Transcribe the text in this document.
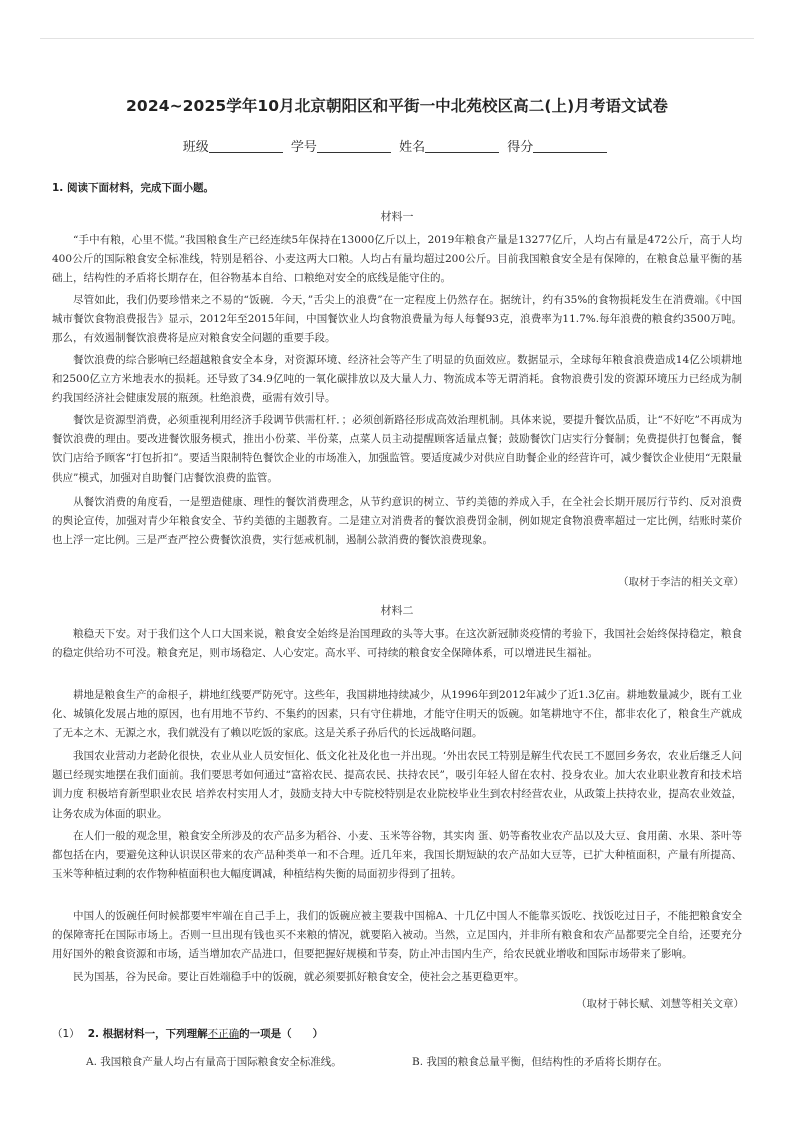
2024~2025学年10月北京朝阳区和平街一中北苑校区高二(上)月考语文试卷
班级	学号	姓名	得分
1. 阅读下面材料，完成下面小题。
材料一

“手中有粮，心里不慌。”我国粮食生产已经连续5年保持在13000亿斤以上，2019年粮食产量是13277亿斤，人均占有量是472公斤，高于人均400公斤的国际粮食安全标准线，特别是稻谷、小麦这两大口粮。人均占有量均超过200公斤。目前我国粮食安全是有保障的，在粮食总量平衡的基础上，结构性的矛盾将长期存在，但谷物基本自给、口粮绝对安全的底线是能守住的。

尽管如此，我们仍要珍惜来之不易的“饭碗．今天，”舌尖上的浪费”在一定程度上仍然存在。据统计，约有35%的食物损耗发生在消费端。《中国城市餐饮食物浪费报告》显示，2012年至2015年间，中国餐饮业人均食物浪费量为每人每餐93克，浪费率为11.7%.每年浪费的粮食约3500万吨。那么，有效遏制餐饮浪费将是应对粮食安全问题的重要手段。

餐饮浪费的综合影响已经超越粮食安全本身，对资源环境、经济社会等产生了明显的负面效应。数据显示，全球每年粮食浪费造成14亿公顷耕地和2500亿立方米地表水的损耗。还导致了34.9亿吨的一氧化碳排放以及大量人力、物流成本等无谓消耗。食物浪费引发的资源环境压力已经成为制约我国经济社会健康发展的瓶颈。杜绝浪费，亟需有效引导。

餐饮是资源型消费，必须重视利用经济手段调节供需杠杆．；必须创新路径形成高效治理机制。具体来说，要提升餐饮品质，让“不好吃”不再成为餐饮浪费的理由。要改进餐饮服务模式，推出小份菜、半份菜，点菜人员主动提醒顾客适量点餐；鼓励餐饮门店实行分餐制；免费提供打包餐盒，餐饮门店给予顾客“打包折扣”。要适当限制特色餐饮企业的市场准入，加强监管。要适度减少对供应自助餐企业的经营许可，减少餐饮企业使用“无限量供应”模式，加强对自助餐门店餐饮浪费的监管。

从餐饮消费的角度看，一是塑造健康、理性的餐饮消费理念，从节约意识的树立、节约美德的养成入手，在全社会长期开展厉行节约、反对浪费的舆论宣传，加强对青少年粮食安全、节约美德的主题教育。二是建立对消费者的餐饮浪费罚金制，例如规定食物浪费率超过一定比例，结账时菜价也上浮一定比例。三是严查严控公费餐饮浪费，实行惩戒机制，遏制公款消费的餐饮浪费现象。

（取材于李洁的相关文章）
材料二

粮稳天下安。对于我们这个人口大国来说，粮食安全始终是治国理政的头等大事。在这次新冠肺炎疫情的考验下，我国社会始终保持稳定，粮食的稳定供给功不可没。粮食充足，则市场稳定、人心安定。高水平、可持续的粮食安全保障体系，可以增进民生福祉。

耕地是粮食生产的命根子，耕地红线要严防死守。这些年，我国耕地持续减少，从1996年到2012年减少了近1.3亿亩。耕地数量减少，既有工业化、城镇化发展占地的原因，也有用地不节约、不集约的因素，只有守住耕地，才能守住明天的饭碗。如笔耕地守不住，都非农化了，粮食生产就成了无本之木、无源之水，我们就没有了赖以吃饭的家底。这是关系子孙后代的长远战略问题。

我国农业营动力老龄化很快，农业从业人员安恒化、低文化社及化也一并出现。‘外出农民工特别是解生代农民工不愿回乡务农，农业后继乏人问题已经现实地摆在我们面前。我们要思考如何通过“富裕农民、提高农民、扶持农民”，吸引年轻人留在农村、投身农业。加大农业职业教育和技术培训力度 积极培育新型职业农民 培养农村实用人才，鼓励支持大中专院校特别是农业院校毕业生到农村经营农业，从政策上扶持农业，提高农业效益，让务农成为体面的职业。

在人们一般的观念里，粮食安全所涉及的农产品多为稻谷、小麦、玉米等谷物，其实肉 蛋、奶等畜牧业农产品以及大豆、食用菌、水果、茶叶等都包括在内，要避免这种认识误区带来的农产品种类单一和不合理。近几年来，我国长期短缺的农产品如大豆等，已扩大种植面积，产量有所提高、玉米等种植过剩的农作物种植面积也大幅度调减，种植结构失衡的局面初步得到了扭转。

中国人的饭碗任何时候都要牢牢端在自己手上，我们的饭碗应被主要栽中国棉A、十几亿中国人不能靠买饭吃、找饭吃过日子，不能把粮食安全的保障寄托在国际市场上。否则一旦出现有钱也买不来粮的情况，就要陷入被动。当然，立足国内，并非所有粮食和农产品都要完全自给，还要充分用好国外的粮食资源和市场，适当增加农产品进口，但要把握好规模和节奏，防止冲击国内生产，给农民就业增收和国际市场带来了影响。

民为国基，谷为民命。要让百姓端稳手中的饭碗，就必须要抓好粮食安全，使社会之基更稳更牢。

（取材于韩长赋、刘慧等相关文章）
（1） 2. 根据材料一，下列理解不正确的一项是（　　）
A. 我国粮食产量人均占有量高于国际粮食安全标准线。	B. 我国的粮食总量平衡，但结构性的矛盾将长期存在。
